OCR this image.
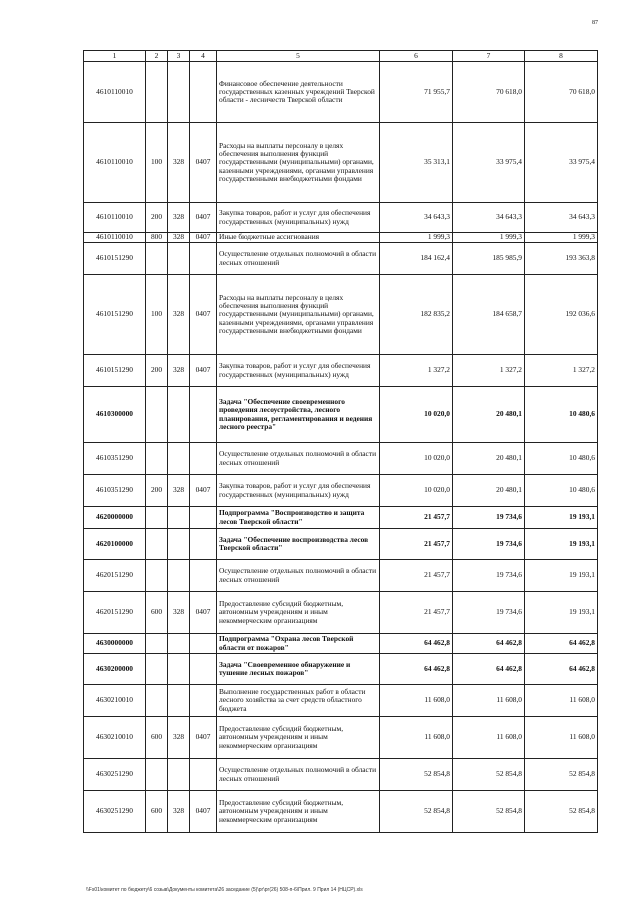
87
1	2	3	4	5	6	7	8
4610110010				Финансовое обеспечение деятельности государственных казенных учреждений Тверской области - лесничеств Тверской области	71 955,7	70 618,0	70 618,0
4610110010	100	328	0407	Расходы на выплаты персоналу в целях обеспечения выполнения функций государственными (муниципальными) органами, казенными учреждениями, органами управления государственными внебюджетными фондами	35 313,1	33 975,4	33 975,4
4610110010	200	328	0407	Закупка товаров, работ и услуг для обеспечения государственных (муниципальных) нужд	34 643,3	34 643,3	34 643,3
4610110010	800	328	0407	Иные бюджетные ассигнования	1 999,3	1 999,3	1 999,3
4610151290				Осуществление отдельных полномочий в области лесных отношений	184 162,4	185 985,9	193 363,8
4610151290	100	328	0407	Расходы на выплаты персоналу в целях обеспечения выполнения функций государственными (муниципальными) органами, казенными учреждениями, органами управления государственными внебюджетными фондами	182 835,2	184 658,7	192 036,6
4610151290	200	328	0407	Закупка товаров, работ и услуг для обеспечения государственных (муниципальных) нужд	1 327,2	1 327,2	1 327,2
4610300000				Задача "Обеспечение своевременного проведения лесоустройства, лесного планирования, регламентирования и ведения лесного реестра"	10 020,0	20 480,1	10 480,6
4610351290				Осуществление отдельных полномочий в области лесных отношений	10 020,0	20 480,1	10 480,6
4610351290	200	328	0407	Закупка товаров, работ и услуг для обеспечения государственных (муниципальных) нужд	10 020,0	20 480,1	10 480,6
4620000000				Подпрограмма "Воспроизводство и защита лесов Тверской области"	21 457,7	19 734,6	19 193,1
4620100000				Задача "Обеспечение воспроизводства лесов Тверской области"	21 457,7	19 734,6	19 193,1
4620151290				Осуществление отдельных полномочий в области лесных отношений	21 457,7	19 734,6	19 193,1
4620151290	600	328	0407	Предоставление субсидий бюджетным, автономным учреждениям и иным некоммерческим организациям	21 457,7	19 734,6	19 193,1
4630000000				Подпрограмма "Охрана лесов Тверской области от пожаров"	64 462,8	64 462,8	64 462,8
4630200000				Задача "Своевременное обнаружение и тушение лесных пожаров"	64 462,8	64 462,8	64 462,8
4630210010				Выполнение государственных работ в области лесного хозяйства за счет средств областного бюджета	11 608,0	11 608,0	11 608,0
4630210010	600	328	0407	Предоставление субсидий бюджетным, автономным учреждениям и иным некоммерческим организациям	11 608,0	11 608,0	11 608,0
4630251290				Осуществление отдельных полномочий в области лесных отношений	52 854,8	52 854,8	52 854,8
4630251290	600	328	0407	Предоставление субсидий бюджетным, автономным учреждениям и иным некоммерческим организациям	52 854,8	52 854,8	52 854,8
\\Fs01\комитет по бюджету\6 созыв\Документы комитета\26 заседание (5)\рг\рг(26) 508-п-6\Прил. 9 Прил 14 (НЦСР).xls
